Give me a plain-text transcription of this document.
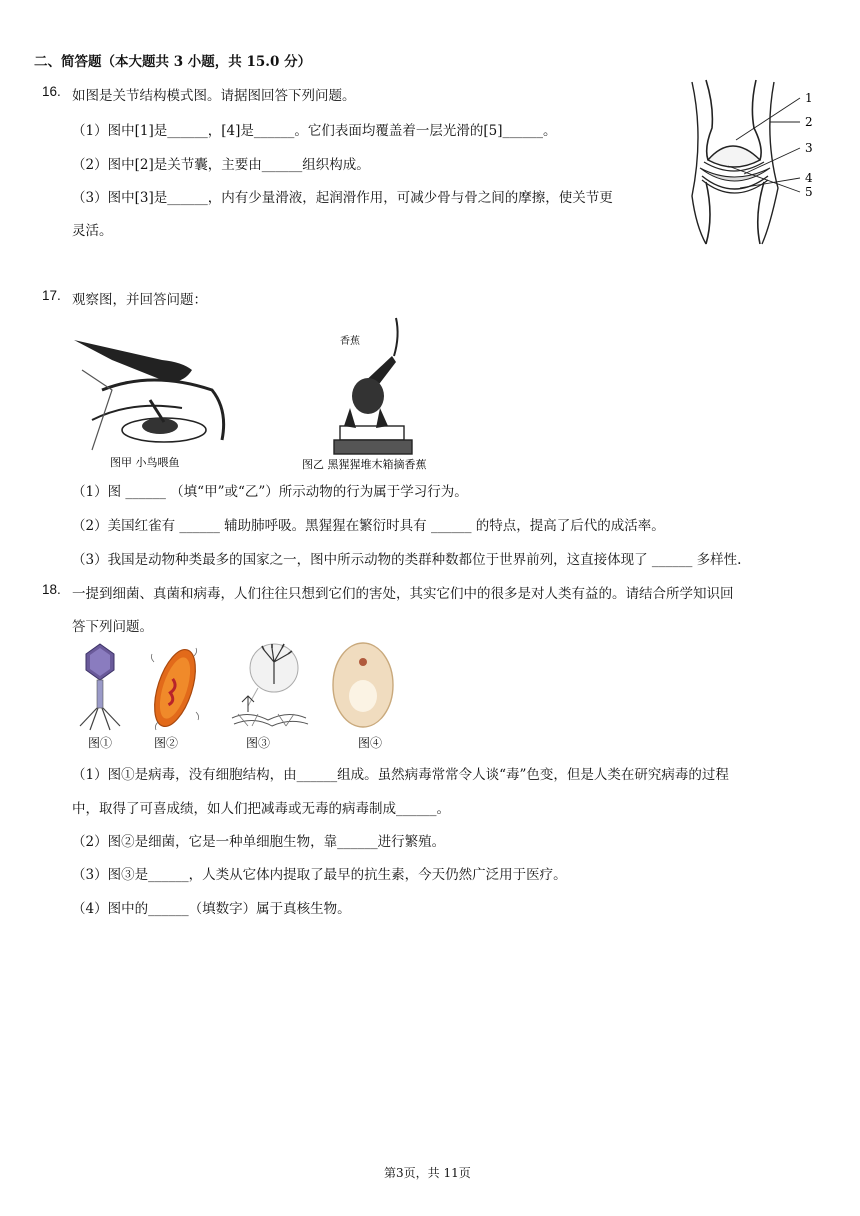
二、简答题（本大题共 3 小题，共 15.0 分）
16. 如图是关节结构模式图。请据图回答下列问题。
（1）图中[1]是______，[4]是______。它们表面均覆盖着一层光滑的[5]______。
（2）图中[2]是关节囊，主要由______组织构成。
（3）图中[3]是______，内有少量滑液，起润滑作用，可减少骨与骨之间的摩擦，使关节更
灵活。
1
2
3
4
5
17. 观察图，并回答问题：
图甲 小鸟喂鱼
香蕉
图乙 黑猩猩堆木箱摘香蕉
（1）图 ______ （填“甲”或“乙”）所示动物的行为属于学习行为。
（2）美国红雀有 ______ 辅助肺呼吸。黑猩猩在繁衍时具有 ______ 的特点，提高了后代的成活率。
（3）我国是动物种类最多的国家之一，图中所示动物的类群种数都位于世界前列，这直接体现了 ______ 多样性.
18. 一提到细菌、真菌和病毒，人们往往只想到它们的害处，其实它们中的很多是对人类有益的。请结合所学知识回
答下列问题。
图①	图②	图③	图④
（1）图①是病毒，没有细胞结构，由______组成。虽然病毒常常令人谈“毒”色变，但是人类在研究病毒的过程
中，取得了可喜成绩，如人们把减毒或无毒的病毒制成______。
（2）图②是细菌，它是一种单细胞生物，靠______进行繁殖。
（3）图③是______，人类从它体内提取了最早的抗生素，今天仍然广泛用于医疗。
（4）图中的______（填数字）属于真核生物。
第3页，共 11页
